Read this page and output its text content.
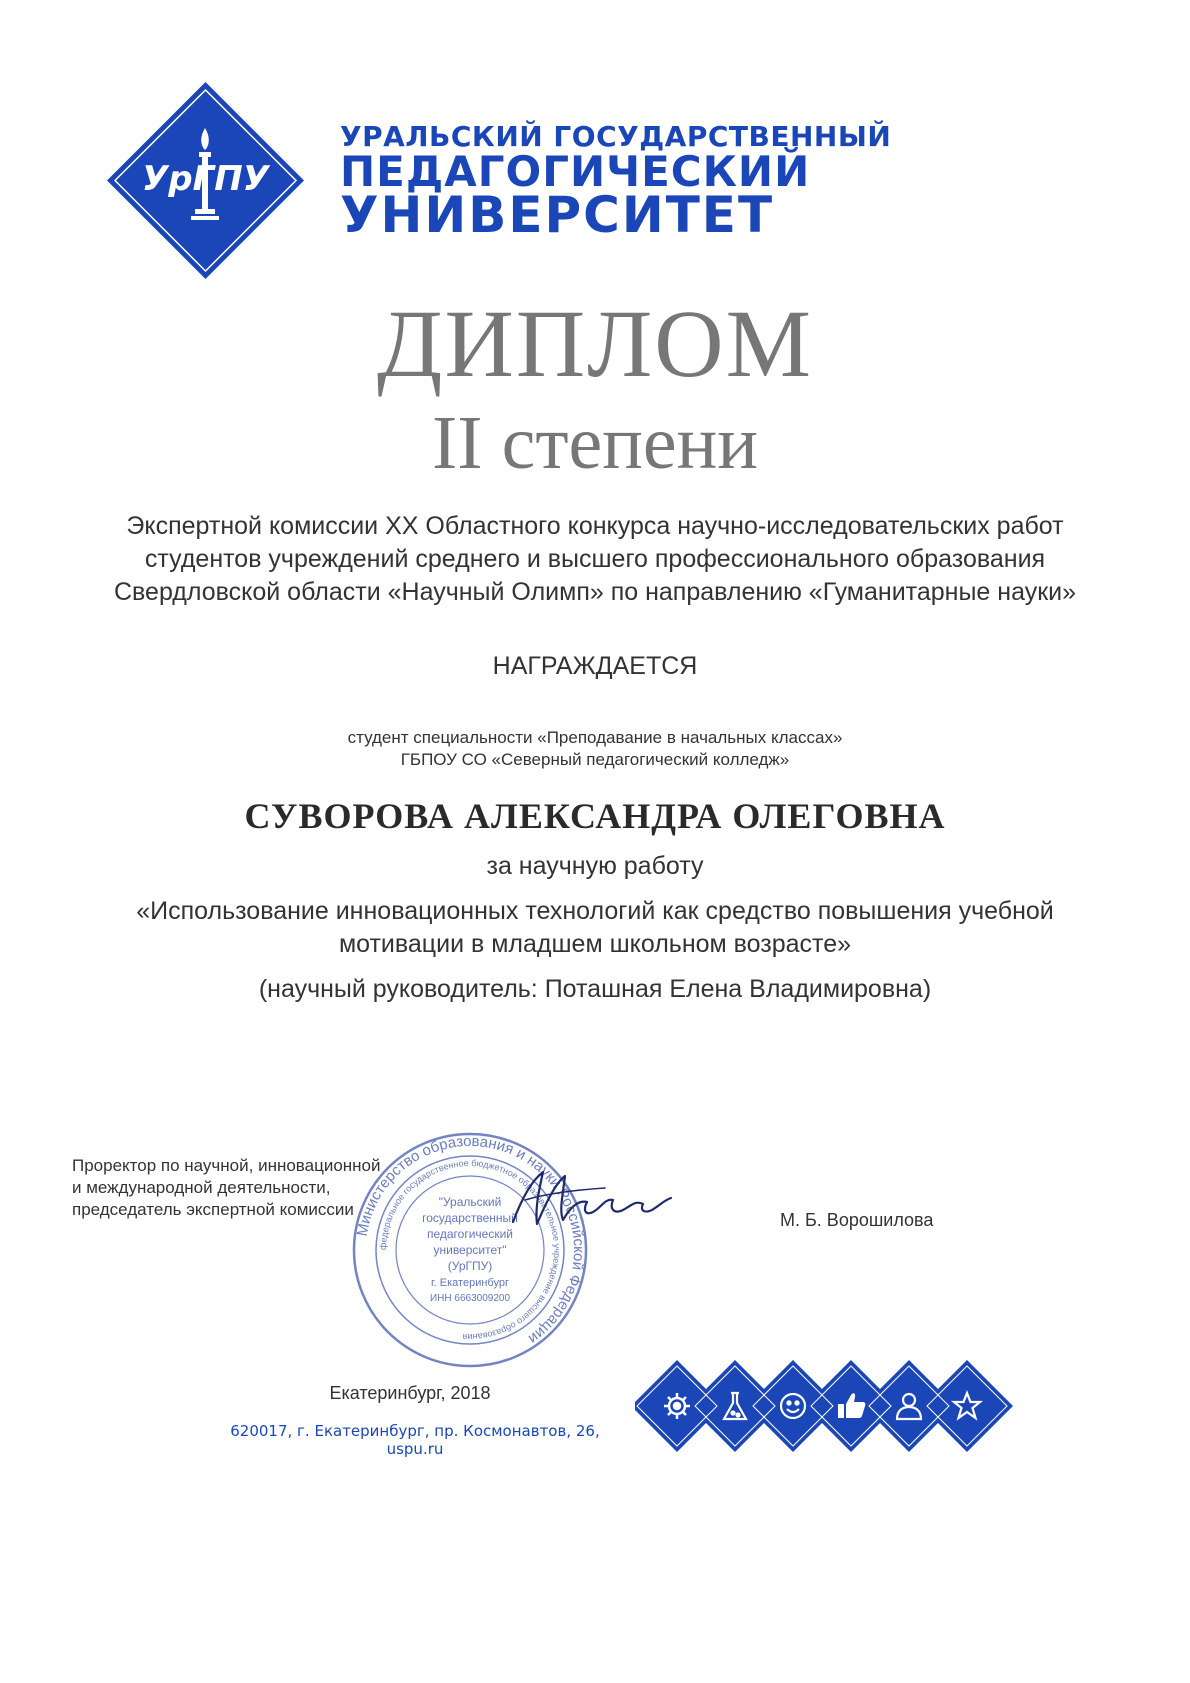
УрГПУ
УРАЛЬСКИЙ ГОСУДАРСТВЕННЫЙ
ПЕДАГОГИЧЕСКИЙ
УНИВЕРСИТЕТ
ДИПЛОМ
II степени
Экспертной комиссии XX Областного конкурса научно-исследовательских работ
студентов учреждений среднего и высшего профессионального образования
Свердловской области «Научный Олимп» по направлению «Гуманитарные науки»
НАГРАЖДАЕТСЯ
студент специальности «Преподавание в начальных классах»
ГБПОУ СО «Северный педагогический колледж»
СУВОРОВА АЛЕКСАНДРА ОЛЕГОВНА
за научную работу
«Использование инновационных технологий как средство повышения учебной
мотивации в младшем школьном возрасте»
(научный руководитель: Поташная Елена Владимировна)
Проректор по научной, инновационной
и международной деятельности,
председатель экспертной комиссии
Министерство образования и науки Российской Федерации
федеральное государственное бюджетное образовательное учреждение высшего образования
"Уральский
государственный
педагогический
университет"
(УрГПУ)
г. Екатеринбург
ИНН 6663009200
М. Б. Ворошилова
Екатеринбург, 2018
620017, г. Екатеринбург, пр. Космонавтов, 26, uspu.ru
